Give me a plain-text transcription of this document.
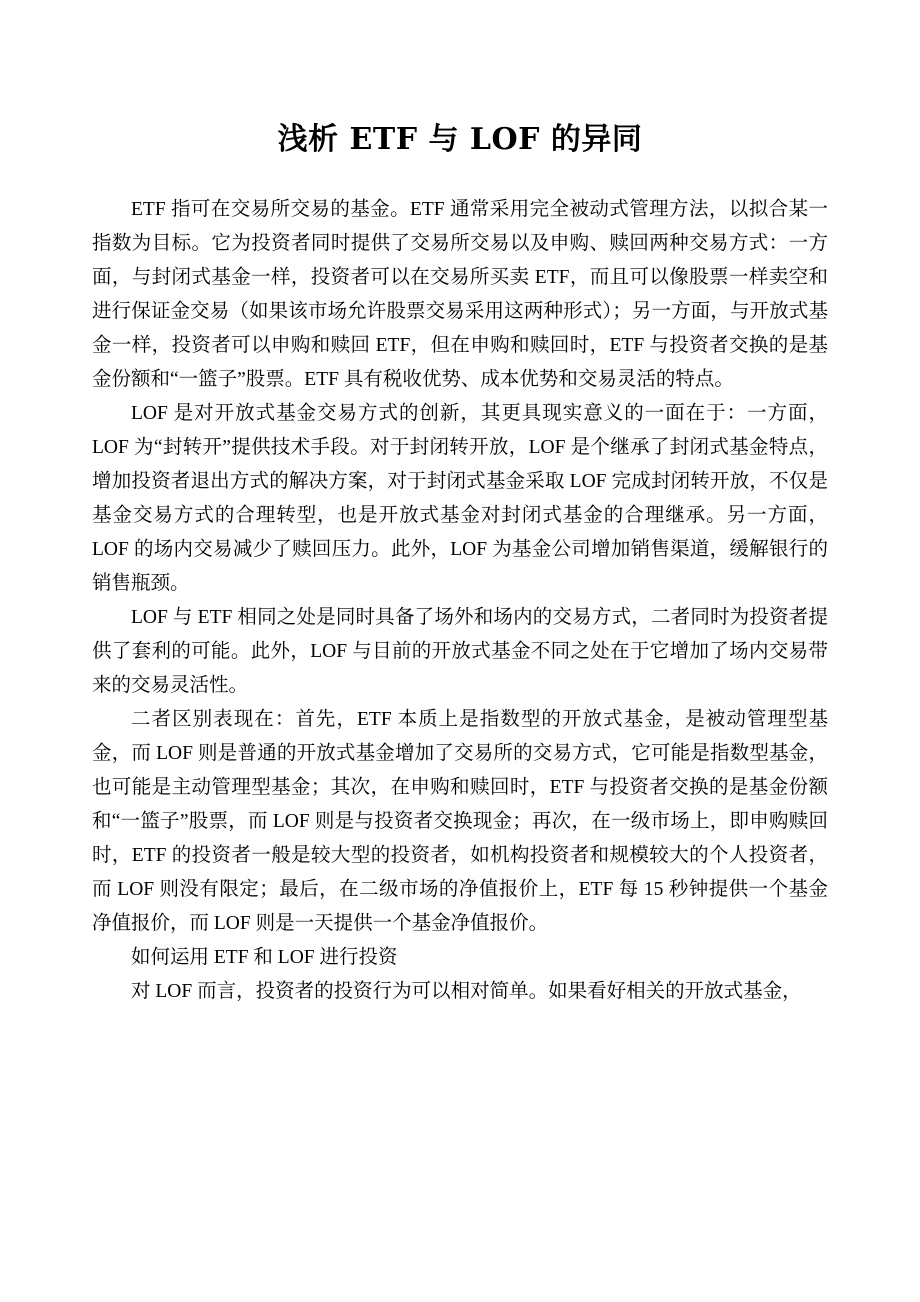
浅析 ETF 与 LOF 的异同

ETF 指可在交易所交易的基金。ETF 通常采用完全被动式管理方法，以拟合某一指数为目标。它为投资者同时提供了交易所交易以及申购、赎回两种交易方式：一方面，与封闭式基金一样，投资者可以在交易所买卖 ETF，而且可以像股票一样卖空和进行保证金交易（如果该市场允许股票交易采用这两种形式）；另一方面，与开放式基金一样，投资者可以申购和赎回 ETF，但在申购和赎回时，ETF 与投资者交换的是基金份额和“一篮子”股票。ETF 具有税收优势、成本优势和交易灵活的特点。

LOF 是对开放式基金交易方式的创新，其更具现实意义的一面在于：一方面，LOF 为“封转开”提供技术手段。对于封闭转开放，LOF 是个继承了封闭式基金特点，增加投资者退出方式的解决方案，对于封闭式基金采取 LOF 完成封闭转开放，不仅是基金交易方式的合理转型，也是开放式基金对封闭式基金的合理继承。另一方面，LOF 的场内交易减少了赎回压力。此外，LOF 为基金公司增加销售渠道，缓解银行的销售瓶颈。

LOF 与 ETF 相同之处是同时具备了场外和场内的交易方式，二者同时为投资者提供了套利的可能。此外，LOF 与目前的开放式基金不同之处在于它增加了场内交易带来的交易灵活性。

二者区别表现在：首先，ETF 本质上是指数型的开放式基金，是被动管理型基金，而 LOF 则是普通的开放式基金增加了交易所的交易方式，它可能是指数型基金，也可能是主动管理型基金；其次，在申购和赎回时，ETF 与投资者交换的是基金份额和“一篮子”股票，而 LOF 则是与投资者交换现金；再次，在一级市场上，即申购赎回时，ETF 的投资者一般是较大型的投资者，如机构投资者和规模较大的个人投资者，而 LOF 则没有限定；最后，在二级市场的净值报价上，ETF 每 15 秒钟提供一个基金净值报价，而 LOF 则是一天提供一个基金净值报价。

如何运用 ETF 和 LOF 进行投资

对 LOF 而言，投资者的投资行为可以相对简单。如果看好相关的开放式基金，
